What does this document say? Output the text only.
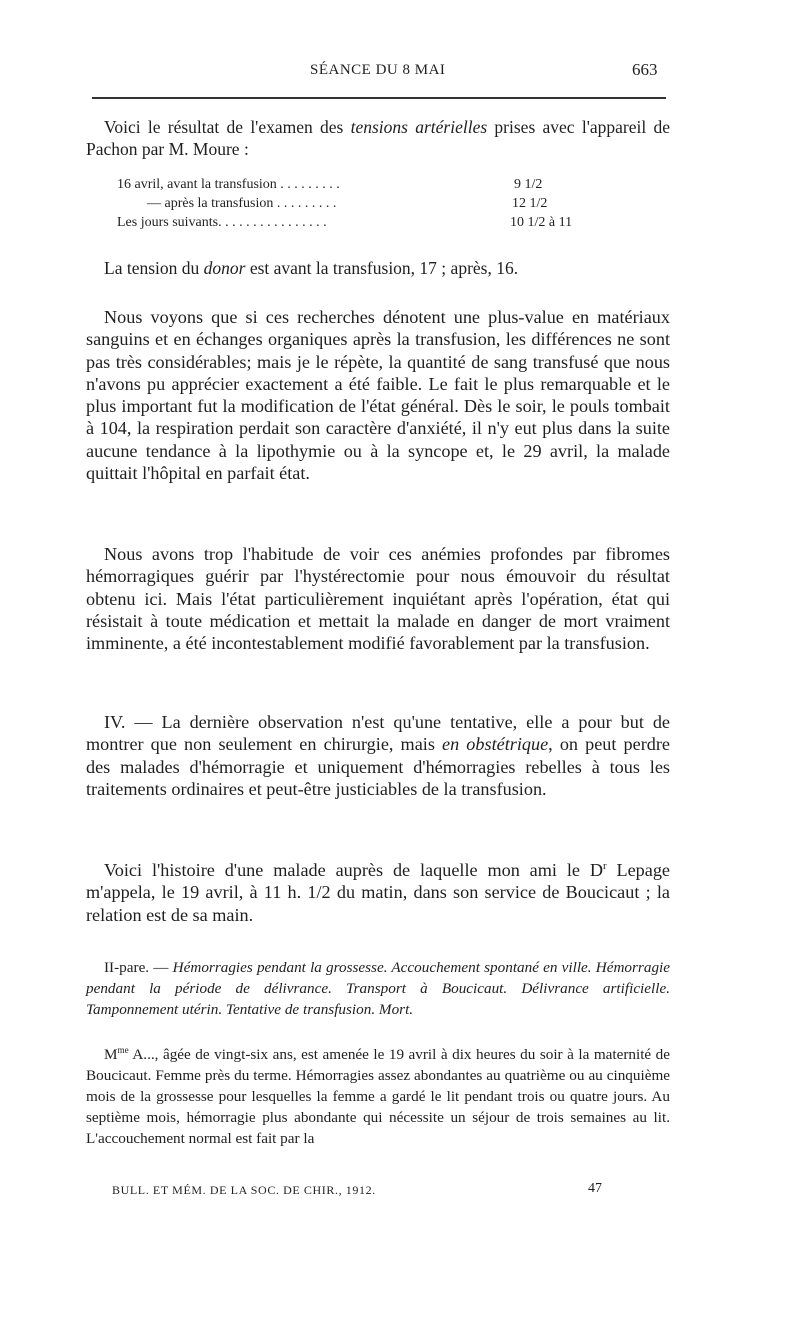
SÉANCE DU 8 MAI	663

Voici le résultat de l'examen des tensions artérielles prises avec l'appareil de Pachon par M. Moure :

16 avril, avant la transfusion . . . . . . . . .	9 1/2
— après la transfusion . . . . . . . . .	12 1/2
Les jours suivants. . . . . . . . . . . . . . . .	10 1/2 à 11

La tension du donor est avant la transfusion, 17 ; après, 16.

Nous voyons que si ces recherches dénotent une plus-value en matériaux sanguins et en échanges organiques après la transfusion, les différences ne sont pas très considérables; mais je le répète, la quantité de sang transfusé que nous n'avons pu apprécier exactement a été faible. Le fait le plus remarquable et le plus important fut la modification de l'état général. Dès le soir, le pouls tombait à 104, la respiration perdait son caractère d'anxiété, il n'y eut plus dans la suite aucune tendance à la lipothymie ou à la syncope et, le 29 avril, la malade quittait l'hôpital en parfait état.

Nous avons trop l'habitude de voir ces anémies profondes par fibromes hémorragiques guérir par l'hystérectomie pour nous émouvoir du résultat obtenu ici. Mais l'état particulièrement inquiétant après l'opération, état qui résistait à toute médication et mettait la malade en danger de mort vraiment imminente, a été incontestablement modifié favorablement par la transfusion.

IV. — La dernière observation n'est qu'une tentative, elle a pour but de montrer que non seulement en chirurgie, mais en obstétrique, on peut perdre des malades d'hémorragie et uniquement d'hémorragies rebelles à tous les traitements ordinaires et peut-être justiciables de la transfusion.

Voici l'histoire d'une malade auprès de laquelle mon ami le $D^r$ Lepage m'appela, le 19 avril, à 11 h. 1/2 du matin, dans son service de Boucicaut ; la relation est de sa main.

II-pare. — Hémorragies pendant la grossesse. Accouchement spontané en ville. Hémorragie pendant la période de délivrance. Transport à Boucicaut. Délivrance artificielle. Tamponnement utérin. Tentative de transfusion. Mort.

$M^{me}$ A..., âgée de vingt-six ans, est amenée le 19 avril à dix heures du soir à la maternité de Boucicaut. Femme près du terme. Hémorragies assez abondantes au quatrième ou au cinquième mois de la grossesse pour lesquelles la femme a gardé le lit pendant trois ou quatre jours. Au septième mois, hémorragie plus abondante qui nécessite un séjour de trois semaines au lit. L'accouchement normal est fait par la

BULL. ET MÉM. DE LA SOC. DE CHIR., 1912.	47
